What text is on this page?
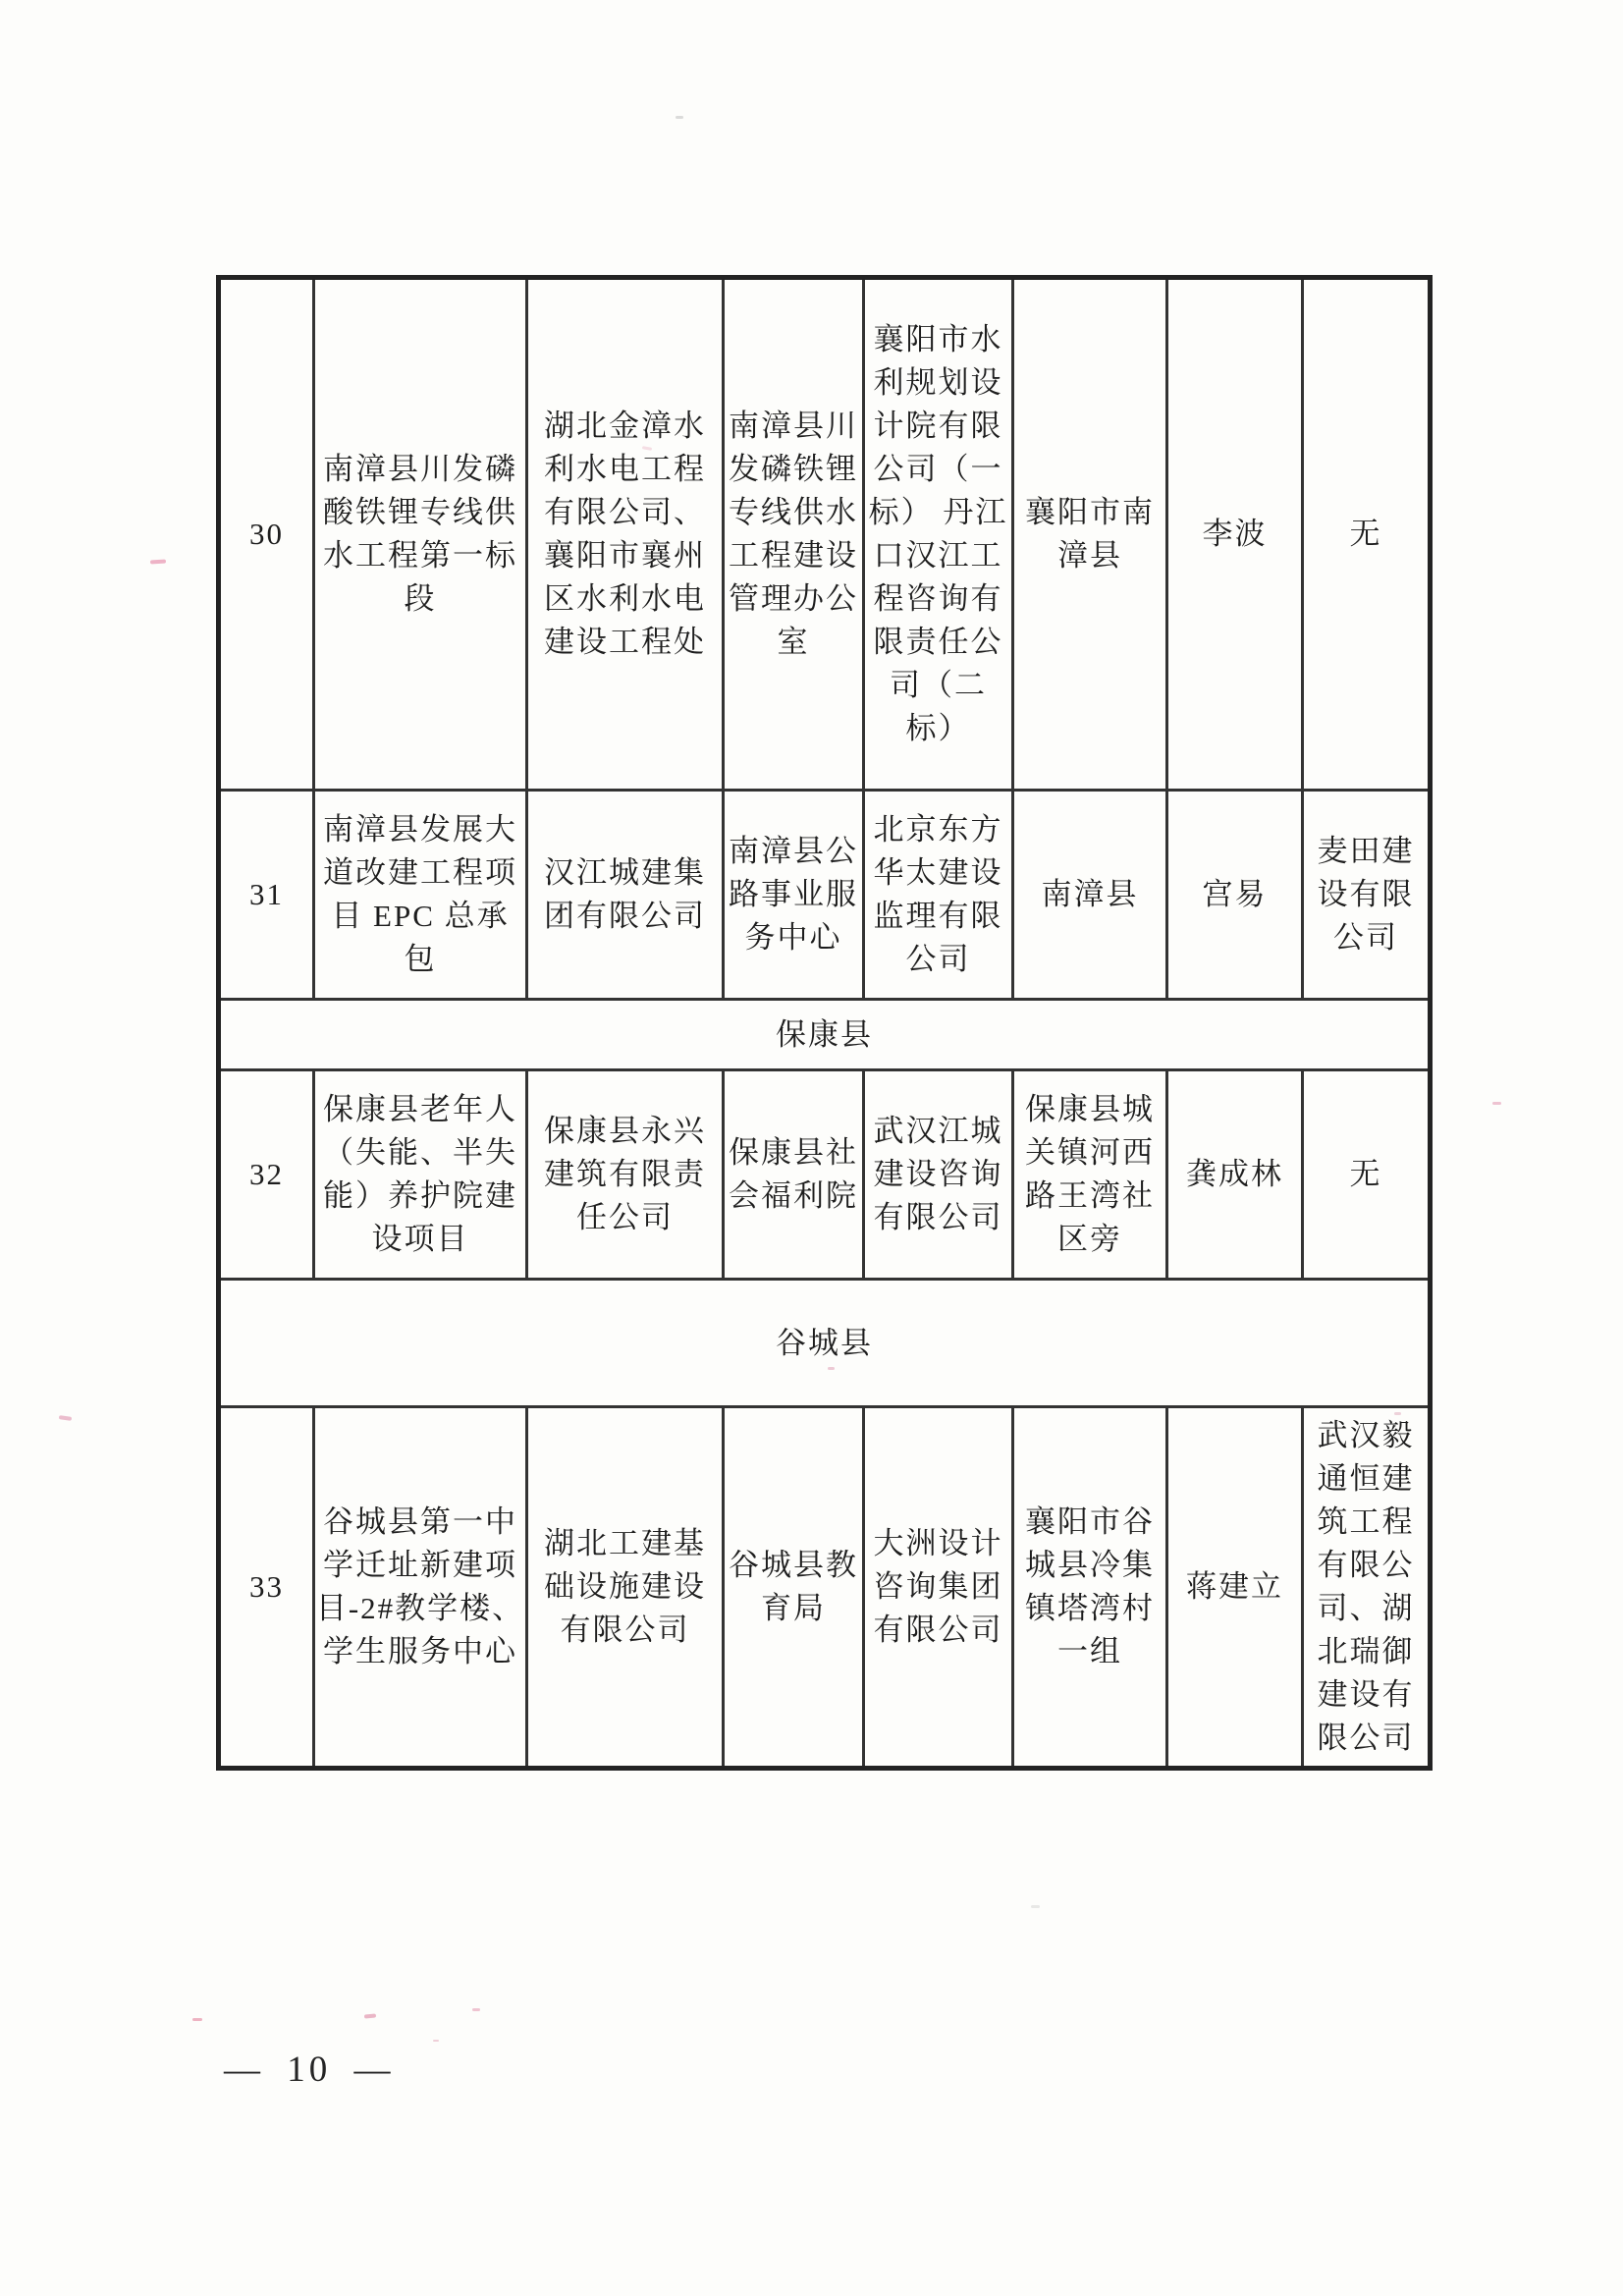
30	南漳县川发磷酸铁锂专线供水工程第一标段	湖北金漳水利水电工程有限公司、襄阳市襄州区水利水电建设工程处	南漳县川发磷铁锂专线供水工程建设管理办公室	襄阳市水利规划设计院有限公司（一标） 丹江口汉江工程咨询有限责任公司（二标）	襄阳市南漳县	李波	无
31	南漳县发展大道改建工程项目 EPC 总承包	汉江城建集团有限公司	南漳县公路事业服务中心	北京东方华太建设监理有限公司	南漳县	宫易	麦田建设有限公司
保康县							
32	保康县老年人（失能、半失能）养护院建设项目	保康县永兴建筑有限责任公司	保康县社会福利院	武汉江城建设咨询有限公司	保康县城关镇河西路王湾社区旁	龚成林	无
谷城县							
33	谷城县第一中学迁址新建项目-2#教学楼、学生服务中心	湖北工建基础设施建设有限公司	谷城县教育局	大洲设计咨询集团有限公司	襄阳市谷城县冷集镇塔湾村一组	蒋建立	武汉毅通恒建筑工程有限公司、湖北瑞御建设有限公司
— 10 —
